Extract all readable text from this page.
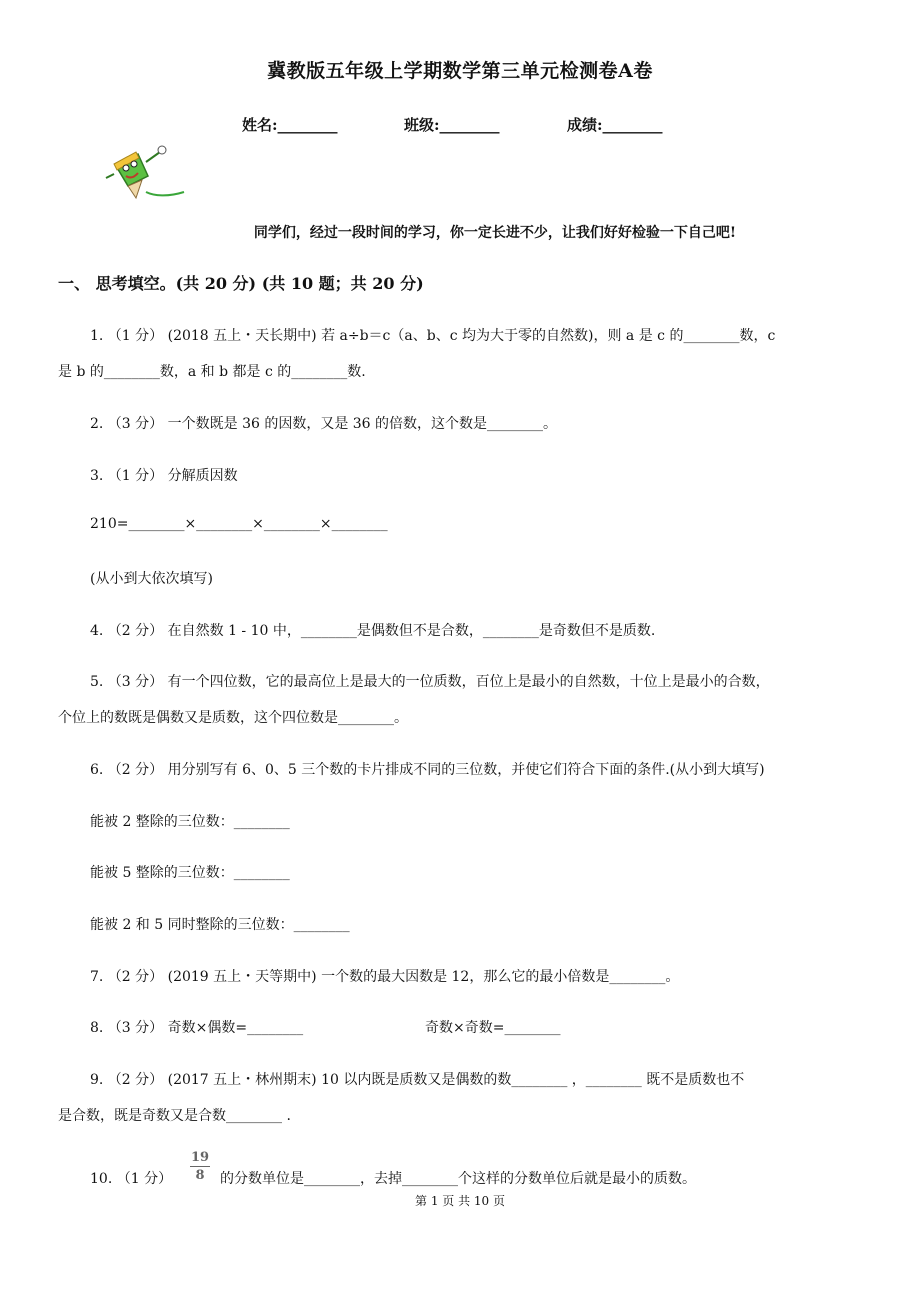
冀教版五年级上学期数学第三单元检测卷A卷
姓名:________	班级:________	成绩:________
同学们，经过一段时间的学习，你一定长进不少，让我们好好检验一下自己吧!
一、 思考填空。(共 20 分) (共 10 题；共 20 分)
1. （1 分） (2018 五上・天长期中) 若 a÷b＝c（a、b、c 均为大于零的自然数)，则 a 是 c 的________数，c
是 b 的________数，a 和 b 都是 c 的________数.
2. （3 分） 一个数既是 36 的因数，又是 36 的倍数，这个数是________。
3. （1 分） 分解质因数
210=________×________×________×________
(从小到大依次填写)
4. （2 分） 在自然数 1 - 10 中，________是偶数但不是合数，________是奇数但不是质数.
5. （3 分） 有一个四位数，它的最高位上是最大的一位质数，百位上是最小的自然数，十位上是最小的合数，
个位上的数既是偶数又是质数，这个四位数是________。
6. （2 分） 用分别写有 6、0、5 三个数的卡片排成不同的三位数，并使它们符合下面的条件.(从小到大填写)
能被 2 整除的三位数：________
能被 5 整除的三位数：________
能被 2 和 5 同时整除的三位数：________
7. （2 分） (2019 五上・天等期中) 一个数的最大因数是 12，那么它的最小倍数是________。
8. （3 分） 奇数×偶数=________	奇数×奇数=________
9. （2 分） (2017 五上・林州期末) 10 以内既是质数又是偶数的数________ ，________ 既不是质数也不
是合数，既是奇数又是合数________ .
10. （1 分）
19
8	的分数单位是________，去掉________个这样的分数单位后就是最小的质数。
第 1 页 共 10 页
